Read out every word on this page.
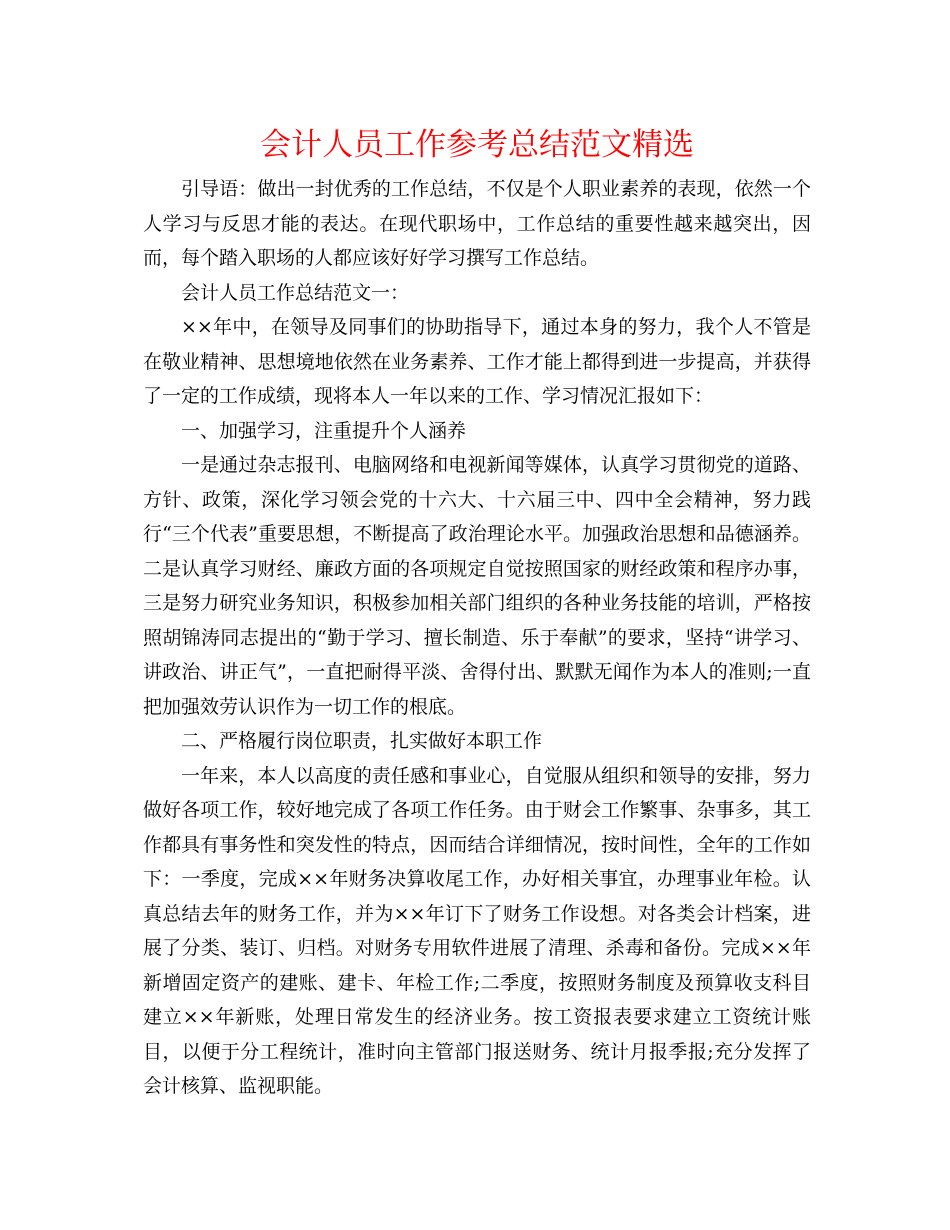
会计人员工作参考总结范文精选

引导语：做出一封优秀的工作总结，不仅是个人职业素养的表现，依然一个人学习与反思才能的表达。在现代职场中，工作总结的重要性越来越突出，因而，每个踏入职场的人都应该好好学习撰写工作总结。

会计人员工作总结范文一：

××年中，在领导及同事们的协助指导下，通过本身的努力，我个人不管是在敬业精神、思想境地依然在业务素养、工作才能上都得到进一步提高，并获得了一定的工作成绩，现将本人一年以来的工作、学习情况汇报如下：

一、加强学习，注重提升个人涵养

一是通过杂志报刊、电脑网络和电视新闻等媒体，认真学习贯彻党的道路、方针、政策，深化学习领会党的十六大、十六届三中、四中全会精神，努力践行“三个代表”重要思想，不断提高了政治理论水平。加强政治思想和品德涵养。二是认真学习财经、廉政方面的各项规定自觉按照国家的财经政策和程序办事，三是努力研究业务知识，积极参加相关部门组织的各种业务技能的培训，严格按照胡锦涛同志提出的“勤于学习、擅长制造、乐于奉献”的要求，坚持“讲学习、讲政治、讲正气”，一直把耐得平淡、舍得付出、默默无闻作为本人的准则;一直把加强效劳认识作为一切工作的根底。

二、严格履行岗位职责，扎实做好本职工作

一年来，本人以高度的责任感和事业心，自觉服从组织和领导的安排，努力做好各项工作，较好地完成了各项工作任务。由于财会工作繁事、杂事多，其工作都具有事务性和突发性的特点，因而结合详细情况，按时间性，全年的工作如下：一季度，完成××年财务决算收尾工作，办好相关事宜，办理事业年检。认真总结去年的财务工作，并为××年订下了财务工作设想。对各类会计档案，进展了分类、装订、归档。对财务专用软件进展了清理、杀毒和备份。完成××年新增固定资产的建账、建卡、年检工作;二季度，按照财务制度及预算收支科目建立××年新账，处理日常发生的经济业务。按工资报表要求建立工资统计账目，以便于分工程统计，准时向主管部门报送财务、统计月报季报;充分发挥了会计核算、监视职能。
